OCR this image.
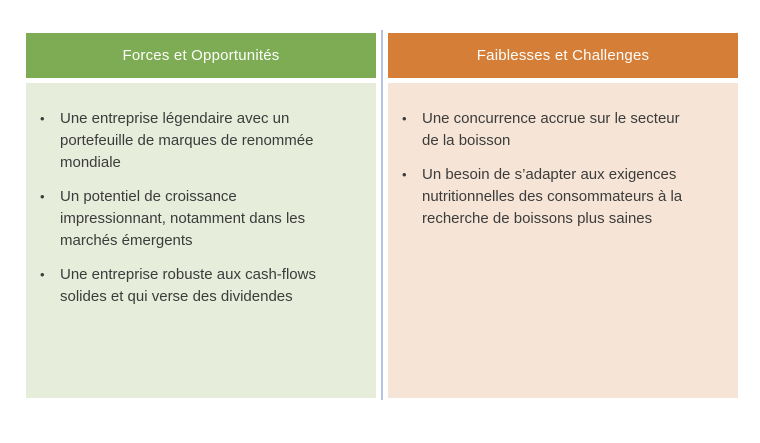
Forces et Opportunités	Faiblesses et Challenges
• Une entreprise légendaire avec un portefeuille de marques de renommée mondiale
• Un potentiel de croissance impressionnant, notamment dans les marchés émergents
• Une entreprise robuste aux cash-flows solides et qui verse des dividendes
• Une concurrence accrue sur le secteur de la boisson
• Un besoin de s’adapter aux exigences nutritionnelles des consommateurs à la recherche de boissons plus saines
